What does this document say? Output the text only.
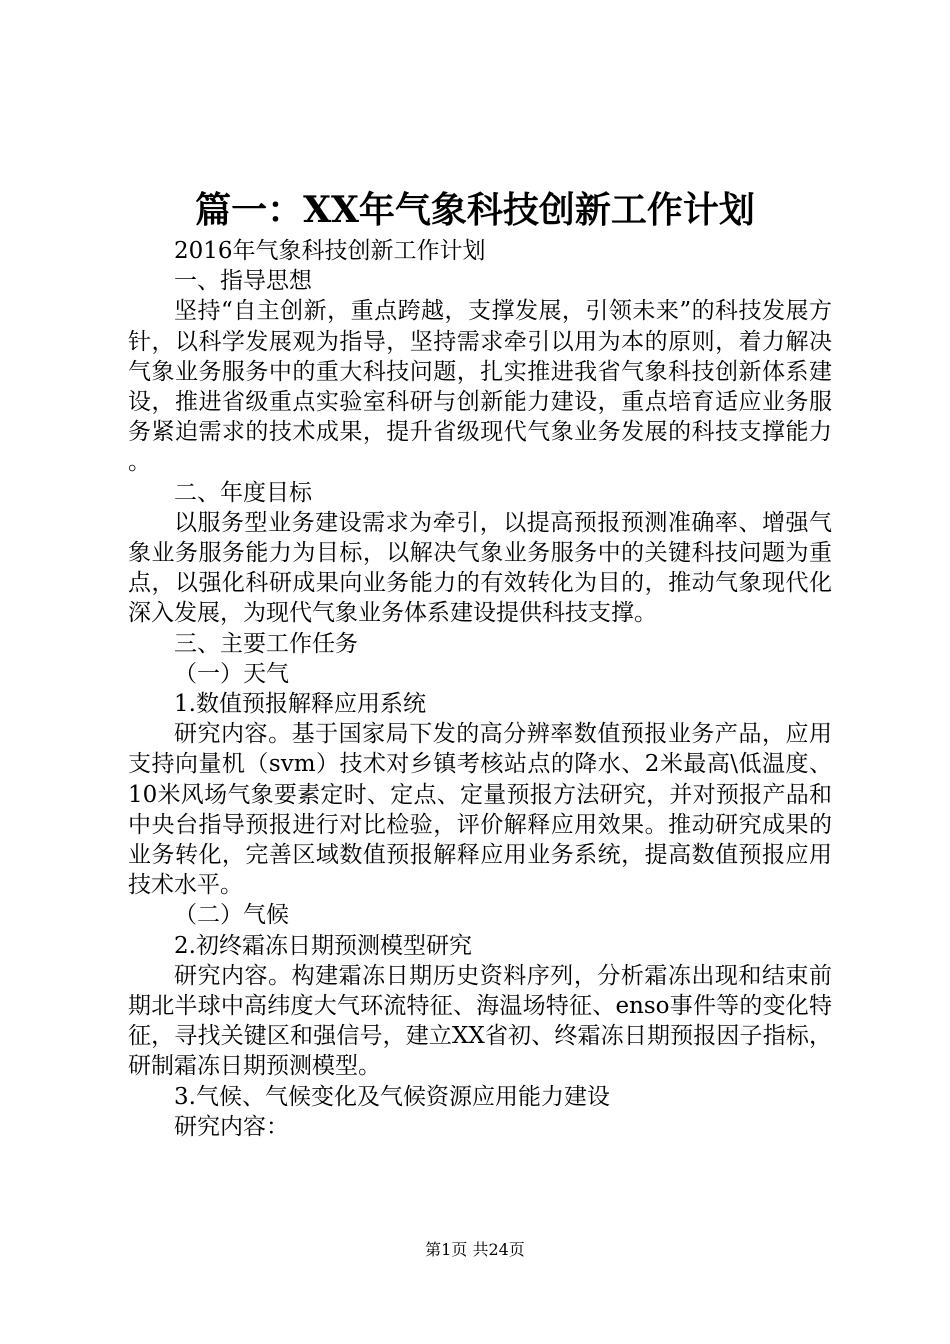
篇一：XX年气象科技创新工作计划

2016年气象科技创新工作计划

一、指导思想

坚持“自主创新，重点跨越，支撑发展，引领未来”的科技发展方针，以科学发展观为指导，坚持需求牵引以用为本的原则，着力解决气象业务服务中的重大科技问题，扎实推进我省气象科技创新体系建设，推进省级重点实验室科研与创新能力建设，重点培育适应业务服务紧迫需求的技术成果，提升省级现代气象业务发展的科技支撑能力。

二、年度目标

以服务型业务建设需求为牵引，以提高预报预测准确率、增强气象业务服务能力为目标，以解决气象业务服务中的关键科技问题为重点，以强化科研成果向业务能力的有效转化为目的，推动气象现代化深入发展，为现代气象业务体系建设提供科技支撑。

三、主要工作任务

（一）天气

1.数值预报解释应用系统

研究内容。基于国家局下发的高分辨率数值预报业务产品，应用支持向量机（svm）技术对乡镇考核站点的降水、2米最高\低温度、10米风场气象要素定时、定点、定量预报方法研究，并对预报产品和中央台指导预报进行对比检验，评价解释应用效果。推动研究成果的业务转化，完善区域数值预报解释应用业务系统，提高数值预报应用技术水平。

（二）气候

2.初终霜冻日期预测模型研究

研究内容。构建霜冻日期历史资料序列，分析霜冻出现和结束前期北半球中高纬度大气环流特征、海温场特征、enso事件等的变化特征，寻找关键区和强信号，建立XX省初、终霜冻日期预报因子指标，研制霜冻日期预测模型。

3.气候、气候变化及气候资源应用能力建设

研究内容：

第1页 共24页
